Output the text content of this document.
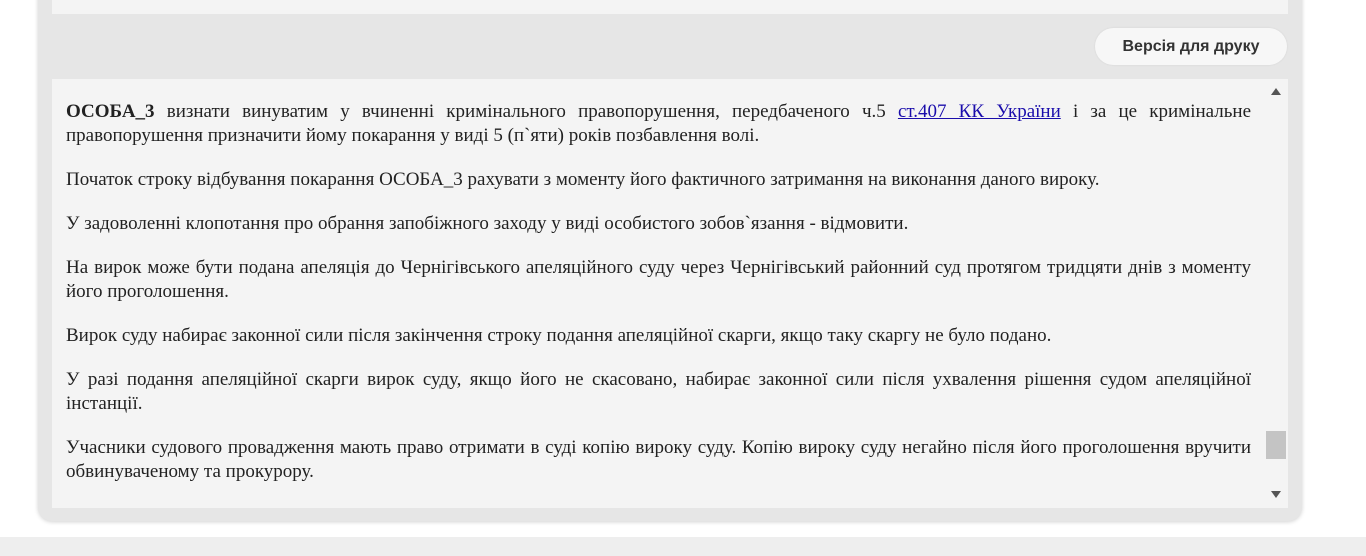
Версія для друку

ОСОБА_3 визнати винуватим у вчиненні кримінального правопорушення, передбаченого ч.5 ст.407 КК України і за це кримінальне правопорушення призначити йому покарання у виді 5 (п`яти) років позбавлення волі.

Початок строку відбування покарання ОСОБА_3 рахувати з моменту його фактичного затримання на виконання даного вироку.

У задоволенні клопотання про обрання запобіжного заходу у виді особистого зобов`язання - відмовити.

На вирок може бути подана апеляція до Чернігівського апеляційного суду через Чернігівський районний суд протягом тридцяти днів з моменту його проголошення.

Вирок суду набирає законної сили після закінчення строку подання апеляційної скарги, якщо таку скаргу не було подано.

У разі подання апеляційної скарги вирок суду, якщо його не скасовано, набирає законної сили після ухвалення рішення судом апеляційної інстанції.

Учасники судового провадження мають право отримати в суді копію вироку суду. Копію вироку суду негайно після його проголошення вручити обвинуваченому та прокурору.
